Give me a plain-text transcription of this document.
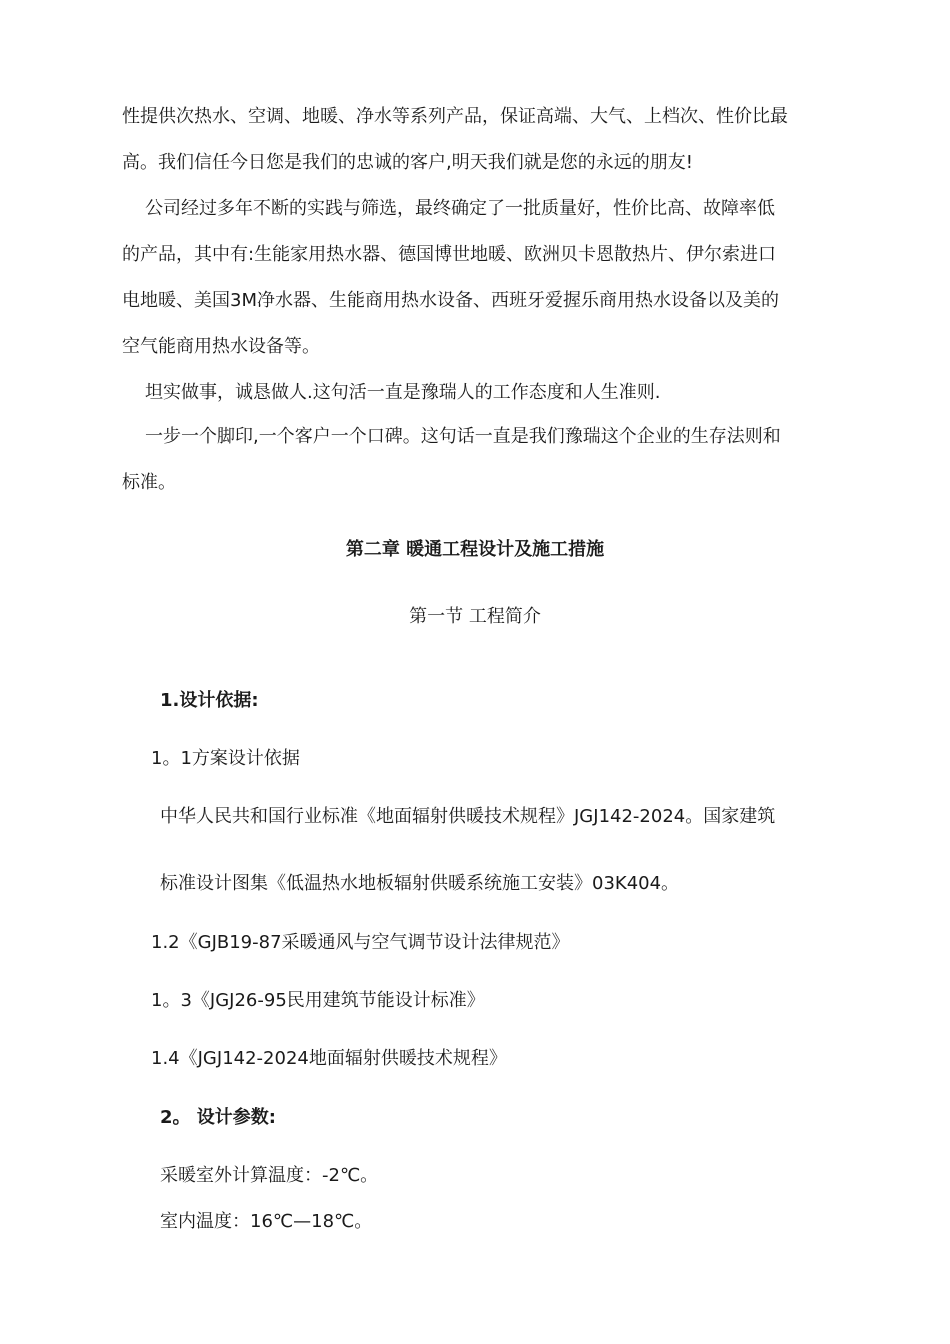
性提供次热水、空调、地暖、净水等系列产品，保证高端、大气、上档次、性价比最
高。我们信任今日您是我们的忠诚的客户,明天我们就是您的永远的朋友!
公司经过多年不断的实践与筛选，最终确定了一批质量好，性价比高、故障率低
的产品，其中有:生能家用热水器、德国博世地暖、欧洲贝卡恩散热片、伊尔索进口
电地暖、美国3M净水器、生能商用热水设备、西班牙爱握乐商用热水设备以及美的
空气能商用热水设备等。
坦实做事，诚恳做人.这句活一直是豫瑞人的工作态度和人生准则.
一步一个脚印,一个客户一个口碑。这句话一直是我们豫瑞这个企业的生存法则和
标准。
第二章 暖通工程设计及施工措施
第一节 工程简介
1.设计依据:
1。1方案设计依据
中华人民共和国行业标准《地面辐射供暖技术规程》JGJ142-2024。国家建筑
标准设计图集《低温热水地板辐射供暖系统施工安装》03K404。
1.2《GJB19-87采暖通风与空气调节设计法律规范》
1。3《JGJ26-95民用建筑节能设计标准》
1.4《JGJ142-2024地面辐射供暖技术规程》
2。 设计参数:
采暖室外计算温度：-2℃。
室内温度：16℃—18℃。
